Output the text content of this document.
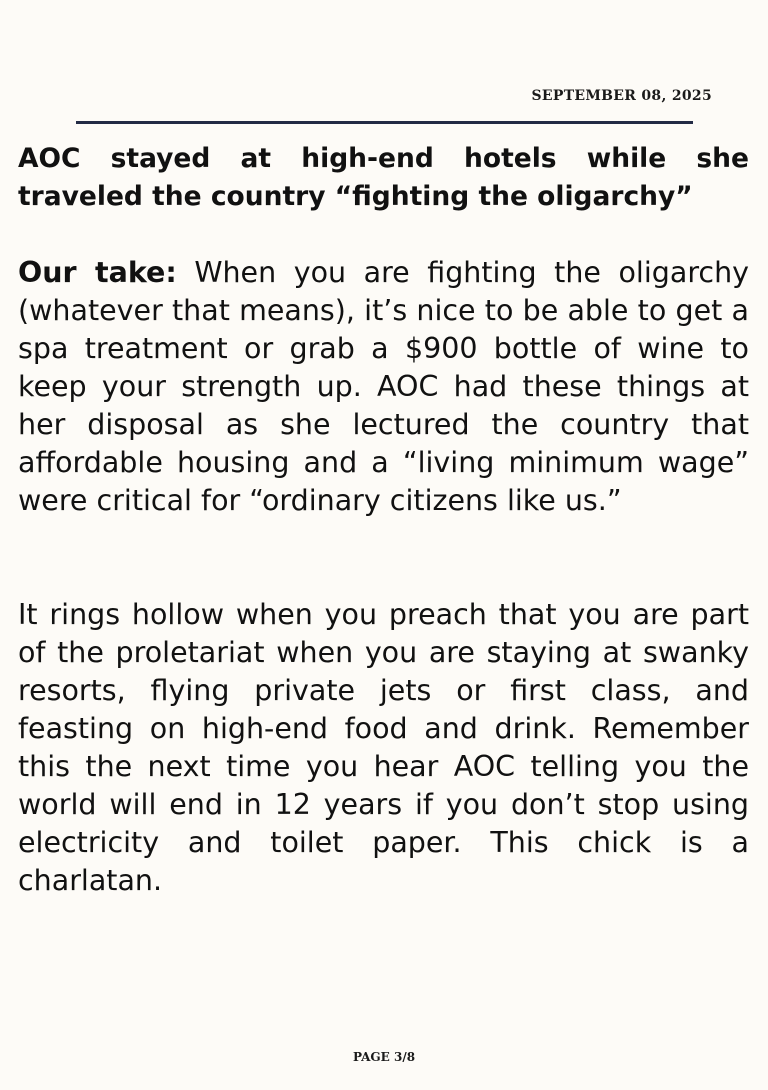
SEPTEMBER 08, 2025
AOC stayed at high-end hotels while she traveled the country “fighting the oligarchy”

Our take: When you are fighting the oligarchy (whatever that means), it’s nice to be able to get a spa treatment or grab a $900 bottle of wine to keep your strength up. AOC had these things at her disposal as she lectured the country that affordable housing and a “living minimum wage” were critical for “ordinary citizens like us.”

It rings hollow when you preach that you are part of the proletariat when you are staying at swanky resorts, flying private jets or first class, and feasting on high-end food and drink. Remember this the next time you hear AOC telling you the world will end in 12 years if you don’t stop using electricity and toilet paper. This chick is a charlatan.

PAGE 3/8
